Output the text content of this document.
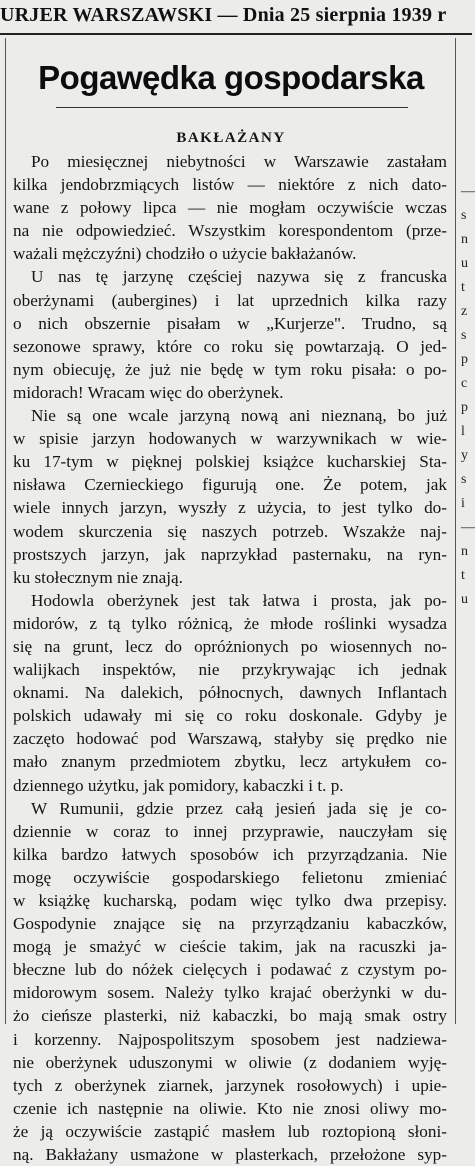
URJER WARSZAWSKI — Dnia 25 sierpnia 1939 r
Pogawędka gospodarska
BAKŁAŻANY
Po miesięcznej niebytności w Warszawie zastałam
kilka jendobrzmiących listów — niektóre z nich dato-
wane z połowy lipca — nie mogłam oczywiście wczas
na nie odpowiedzieć. Wszystkim korespondentom (prze-
ważali mężczyźni) chodziło o użycie bakłażanów.
U nas tę jarzynę częściej nazywa się z francuska
oberżynami (aubergines) i lat uprzednich kilka razy
o nich obszernie pisałam w „Kurjerze". Trudno, są
sezonowe sprawy, które co roku się powtarzają. O jed-
nym obiecuję, że już nie będę w tym roku pisała: o po-
midorach! Wracam więc do oberżynek.
Nie są one wcale jarzyną nową ani nieznaną, bo już
w spisie jarzyn hodowanych w warzywnikach w wie-
ku 17-tym w pięknej polskiej książce kucharskiej Sta-
nisława Czernieckiego figurują one. Że potem, jak
wiele innych jarzyn, wyszły z użycia, to jest tylko do-
wodem skurczenia się naszych potrzeb. Wszakże naj-
prostszych jarzyn, jak naprzykład pasternaku, na ryn-
ku stołecznym nie znają.
Hodowla oberżynek jest tak łatwa i prosta, jak po-
midorów, z tą tylko różnicą, że młode roślinki wysadza
się na grunt, lecz do opróżnionych po wiosennych no-
walijkach inspektów, nie przykrywając ich jednak
oknami. Na dalekich, północnych, dawnych Inflantach
polskich udawały mi się co roku doskonale. Gdyby je
zaczęto hodować pod Warszawą, stałyby się prędko nie
mało znanym przedmiotem zbytku, lecz artykułem co-
dziennego użytku, jak pomidory, kabaczki i t. p.
W Rumunii, gdzie przez całą jesień jada się je co-
dziennie w coraz to innej przyprawie, nauczyłam się
kilka bardzo łatwych sposobów ich przyrządzania. Nie
mogę oczywiście gospodarskiego felietonu zmieniać
w książkę kucharską, podam więc tylko dwa przepisy.
Gospodynie znające się na przyrządzaniu kabaczków,
mogą je smażyć w cieście takim, jak na racuszki ja-
błeczne lub do nóżek cielęcych i podawać z czystym po-
midorowym sosem. Należy tylko krajać oberżynki w du-
żo cieńsze plasterki, niż kabaczki, bo mają smak ostry
i korzenny. Najpospolitszym sposobem jest nadziewa-
nie oberżynek uduszonymi w oliwie (z dodaniem wyję-
tych z oberżynek ziarnek, jarzynek rosołowych) i upie-
czenie ich następnie na oliwie. Kto nie znosi oliwy mo-
że ją oczywiście zastąpić masłem lub roztopioną słoni-
ną. Bakłażany usmażone w plasterkach, przełożone syp-
—
s
n
u
t
z
s
p
c
p
l
y
s
i
—
n
t
u
